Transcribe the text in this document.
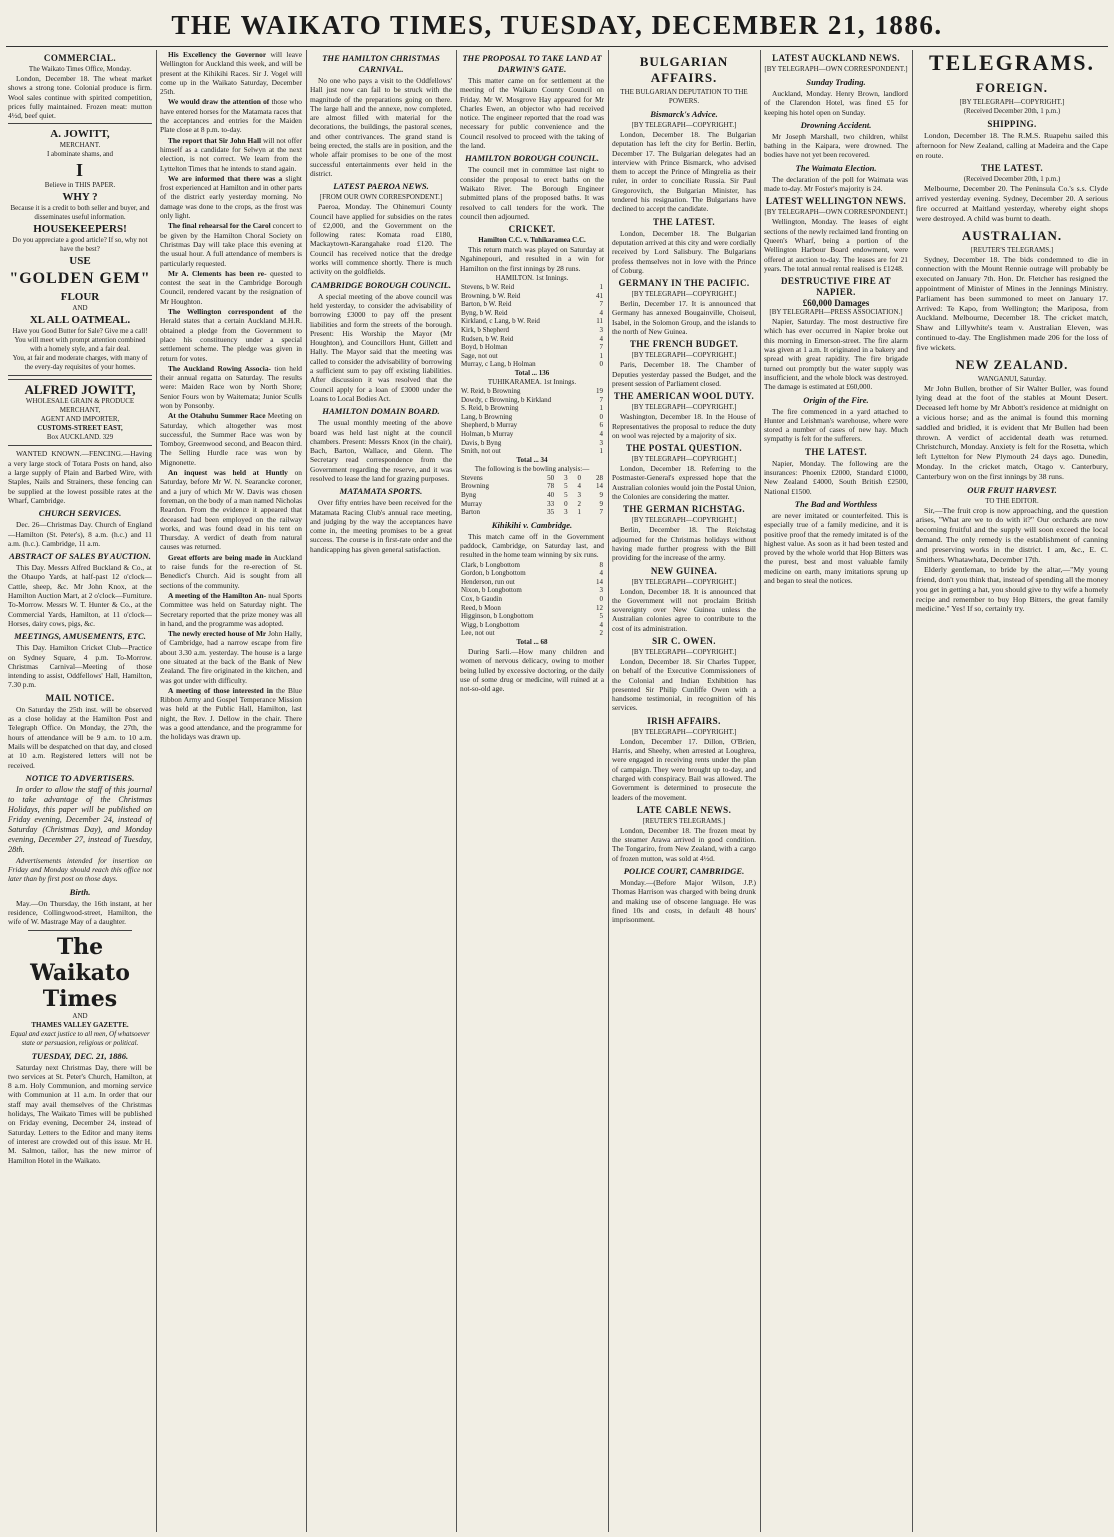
THE WAIKATO TIMES, TUESDAY, DECEMBER 21, 1886.
COMMERCIAL.
The Waikato Times Office, Monday.
London, December 18. The wheat market shows a strong tone. Colonial produce is firm. Wool sales continue with spirited competition, prices fully maintained. Frozen meat: mutton 4½d, beef quiet.
A. JOWITT,
MERCHANT.
I abominate shams, and
I
Believe in THIS PAPER.
WHY ?
Because it is a credit to both seller and buyer, and disseminates useful information.
HOUSEKEEPERS!
Do you appreciate a good article? If so, why not have the best?
USE
"GOLDEN GEM"
FLOUR
AND
XL ALL OATMEAL.
Have you Good Butter for Sale? Give me a call!
You will meet with prompt attention combined with a homely style, and a fair deal.
You, at fair and moderate charges, with many of the every-day requisites of your homes.
ALFRED JOWITT,
WHOLESALE GRAIN & PRODUCE MERCHANT,
AGENT AND IMPORTER,
CUSTOMS-STREET EAST,
Box AUCKLAND. 329
WANTED KNOWN.—FENCING.—Having a very large stock of Totara Posts on hand, also a large supply of Plain and Barbed Wire, with Staples, Nails and Strainers, these fencing can be supplied at the lowest possible rates at the Wharf, Cambridge.
CHURCH SERVICES.
Dec. 26—Christmas Day. Church of England—Hamilton (St. Peter's), 8 a.m. (h.c.) and 11 a.m. (h.c.). Cambridge, 11 a.m.
ABSTRACT OF SALES BY AUCTION.
This Day. Messrs Alfred Buckland & Co., at the Ohaupo Yards, at half-past 12 o'clock—Cattle, sheep, &c. Mr John Knox, at the Hamilton Auction Mart, at 2 o'clock—Furniture. To-Morrow. Messrs W. T. Hunter & Co., at the Commercial Yards, Hamilton, at 11 o'clock—Horses, dairy cows, pigs, &c.
MEETINGS, AMUSEMENTS, ETC.
This Day. Hamilton Cricket Club—Practice on Sydney Square, 4 p.m. To-Morrow. Christmas Carnival—Meeting of those intending to assist, Oddfellows' Hall, Hamilton, 7.30 p.m.
MAIL NOTICE.
On Saturday the 25th inst. will be observed as a close holiday at the Hamilton Post and Telegraph Office. On Monday, the 27th, the hours of attendance will be 9 a.m. to 10 a.m. Mails will be despatched on that day, and closed at 10 a.m. Registered letters will not be received.
NOTICE TO ADVERTISERS.
In order to allow the staff of this journal to take advantage of the Christmas Holidays, this paper will be published on Friday evening, December 24, instead of Saturday (Christmas Day), and Monday evening, December 27, instead of Tuesday, 28th.
Advertisements intended for insertion on Friday and Monday should reach this office not later than by first post on those days.
Birth.
May.—On Thursday, the 16th instant, at her residence, Collingwood-street, Hamilton, the wife of W. Mastrage May of a daughter.
The Waikato Times
AND
THAMES VALLEY GAZETTE.
Equal and exact justice to all men, Of whatsoever state or persuasion, religious or political.
TUESDAY, DEC. 21, 1886.
Saturday next Christmas Day, there will be two services at St. Peter's Church, Hamilton, at 8 a.m. Holy Communion, and morning service with Communion at 11 a.m. In order that our staff may avail themselves of the Christmas holidays, The Waikato Times will be published on Friday evening, December 24, instead of Saturday. Letters to the Editor and many items of interest are crowded out of this issue. Mr H. M. Salmon, tailor, has the new mirror of Hamilton Hotel in the Waikato.
His Excellency the Governor will leave Wellington for Auckland this week, and will be present at the Kihikihi Races. Sir J. Vogel will come up in the Waikato Saturday, December 25th.
We would draw the attention of those who have entered horses for the Matamata races that the acceptances and entries for the Maiden Plate close at 8 p.m. to-day.
The report that Sir John Hall will not offer himself as a candidate for Selwyn at the next election, is not correct. We learn from the Lyttelton Times that he intends to stand again.
We are informed that there was a slight frost experienced at Hamilton and in other parts of the district early yesterday morning. No damage was done to the crops, as the frost was only light.
The final rehearsal for the Carol concert to be given by the Hamilton Choral Society on Christmas Day will take place this evening at the usual hour. A full attendance of members is particularly requested.
Mr A. Clements has been re- quested to contest the seat in the Cambridge Borough Council, rendered vacant by the resignation of Mr Houghton.
The Wellington correspondent of the Herald states that a certain Auckland M.H.R. obtained a pledge from the Government to place his constituency under a special settlement scheme. The pledge was given in return for votes.
The Auckland Rowing Associa- tion held their annual regatta on Saturday. The results were: Maiden Race won by North Shore; Senior Fours won by Waitemata; Junior Sculls won by Ponsonby.
At the Otahuhu Summer Race Meeting on Saturday, which altogether was most successful, the Summer Race was won by Tomboy, Greenwood second, and Beacon third. The Selling Hurdle race was won by Mignonette.
An inquest was held at Huntly on Saturday, before Mr W. N. Searancke coroner, and a jury of which Mr W. Davis was chosen foreman, on the body of a man named Nicholas Reardon. From the evidence it appeared that deceased had been employed on the railway works, and was found dead in his tent on Thursday. A verdict of death from natural causes was returned.
Great efforts are being made in Auckland to raise funds for the re-erection of St. Benedict's Church. Aid is sought from all sections of the community.
A meeting of the Hamilton An- nual Sports Committee was held on Saturday night. The Secretary reported that the prize money was all in hand, and the programme was adopted.
The newly erected house of Mr John Hally, of Cambridge, had a narrow escape from fire about 3.30 a.m. yesterday. The house is a large one situated at the back of the Bank of New Zealand. The fire originated in the kitchen, and was got under with difficulty.
A meeting of those interested in the Blue Ribbon Army and Gospel Temperance Mission was held at the Public Hall, Hamilton, last night, the Rev. J. Dellow in the chair. There was a good attendance, and the programme for the holidays was drawn up.
THE HAMILTON CHRISTMAS CARNIVAL.
No one who pays a visit to the Oddfellows' Hall just now can fail to be struck with the magnitude of the preparations going on there. The large hall and the annexe, now completed, are almost filled with material for the decorations, the buildings, the pastoral scenes, and other contrivances. The grand stand is being erected, the stalls are in position, and the whole affair promises to be one of the most successful entertainments ever held in the district.
LATEST PAEROA NEWS.
[FROM OUR OWN CORRESPONDENT.]
Paeroa, Monday. The Ohinemuri County Council have applied for subsidies on the rates of £2,000, and the Government on the following rates: Komata road £180, Mackaytown-Karangahake road £120. The Council has received notice that the dredge works will commence shortly. There is much activity on the goldfields.
CAMBRIDGE BOROUGH COUNCIL.
A special meeting of the above council was held yesterday, to consider the advisability of borrowing £3000 to pay off the present liabilities and form the streets of the borough. Present: His Worship the Mayor (Mr Houghton), and Councillors Hunt, Gillett and Hally. The Mayor said that the meeting was called to consider the advisability of borrowing a sufficient sum to pay off existing liabilities. After discussion it was resolved that the Council apply for a loan of £3000 under the Loans to Local Bodies Act.
HAMILTON DOMAIN BOARD.
The usual monthly meeting of the above board was held last night at the council chambers. Present: Messrs Knox (in the chair), Bach, Barton, Wallace, and Glenn. The Secretary read correspondence from the Government regarding the reserve, and it was resolved to lease the land for grazing purposes.
MATAMATA SPORTS.
Over fifty entries have been received for the Matamata Racing Club's annual race meeting, and judging by the way the acceptances have come in, the meeting promises to be a great success. The course is in first-rate order and the handicapping has given general satisfaction.
THE PROPOSAL TO TAKE LAND AT DARWIN'S GATE.
This matter came on for settlement at the meeting of the Waikato County Council on Friday. Mr W. Mosgrove Hay appeared for Mr Charles Ewen, an objector who had received notice. The engineer reported that the road was necessary for public convenience and the Council resolved to proceed with the taking of the land.
HAMILTON BOROUGH COUNCIL.
The council met in committee last night to consider the proposal to erect baths on the Waikato River. The Borough Engineer submitted plans of the proposed baths. It was resolved to call tenders for the work. The council then adjourned.
CRICKET.
Hamilton C.C. v. Tuhikaramea C.C.
This return match was played on Saturday at Ngahinepouri, and resulted in a win for Hamilton on the first innings by 28 runs.
HAMILTON. 1st Innings.
Stevens, b W. Reid	1
Browning, b W. Reid	41
Barton, b W. Reid	7
Byng, b W. Reid	4
Kirkland, c Lang, b W. Reid	11
Kirk, b Shepherd	3
Rudsen, b W. Reid	4
Boyd, b Holman	7
Sage, not out	1
Murray, c Lang, b Holman	0
Total ... 136
TUHIKARAMEA. 1st Innings.
W. Reid, b Browning	19
Dowdy, c Browning, b Kirkland	7
S. Reid, b Browning	1
Lang, b Browning	0
Shepherd, b Murray	6
Holman, b Murray	4
Davis, b Byng	3
Smith, not out	1
Total ... 34
The following is the bowling analysis:—
Stevens	50	3	0	28
Browning	78	5	4	14
Byng	40	5	3	9
Murray	33	0	2	9
Barton	35	3	1	7
Kihikihi v. Cambridge.
This match came off in the Government paddock, Cambridge, on Saturday last, and resulted in the home team winning by six runs.
Clark, b Longbottom	8
Gordon, b Longbottom	4
Henderson, run out	14
Nixon, b Longbottom	3
Cox, b Gaudin	0
Reed, b Moon	12
Higginson, b Longbottom	5
Wigg, b Longbottom	4
Lee, not out	2
Total ... 68
During Sarli.—How many children and women of nervous delicacy, owing to mother being lulled by excessive doctoring, or the daily use of some drug or medicine, will ruined at a not-so-old age.
BULGARIAN AFFAIRS.
THE BULGARIAN DEPUTATION TO THE POWERS.
Bismarck's Advice.
[BY TELEGRAPH—COPYRIGHT.]
London, December 18. The Bulgarian deputation has left the city for Berlin. Berlin, December 17. The Bulgarian delegates had an interview with Prince Bismarck, who advised them to accept the Prince of Mingrelia as their ruler, in order to conciliate Russia. Sir Paul Gregorovitch, the Bulgarian Minister, has tendered his resignation. The Bulgarians have declined to accept the candidate.
THE LATEST.
London, December 18. The Bulgarian deputation arrived at this city and were cordially received by Lord Salisbury. The Bulgarians profess themselves not in love with the Prince of Coburg.
GERMANY IN THE PACIFIC.
[BY TELEGRAPH—COPYRIGHT.]
Berlin, December 17. It is announced that Germany has annexed Bougainville, Choiseul, Isabel, in the Solomon Group, and the islands to the north of New Guinea.
THE FRENCH BUDGET.
[BY TELEGRAPH—COPYRIGHT.]
Paris, December 18. The Chamber of Deputies yesterday passed the Budget, and the present session of Parliament closed.
THE AMERICAN WOOL DUTY.
[BY TELEGRAPH—COPYRIGHT.]
Washington, December 18. In the House of Representatives the proposal to reduce the duty on wool was rejected by a majority of six.
THE POSTAL QUESTION.
[BY TELEGRAPH—COPYRIGHT.]
London, December 18. Referring to the Postmaster-General's expressed hope that the Australian colonies would join the Postal Union, the Colonies are considering the matter.
THE GERMAN RICHSTAG.
[BY TELEGRAPH—COPYRIGHT.]
Berlin, December 18. The Reichstag adjourned for the Christmas holidays without having made further progress with the Bill providing for the increase of the army.
NEW GUINEA.
[BY TELEGRAPH—COPYRIGHT.]
London, December 18. It is announced that the Government will not proclaim British sovereignty over New Guinea unless the Australian colonies agree to contribute to the cost of its administration.
SIR C. OWEN.
[BY TELEGRAPH—COPYRIGHT.]
London, December 18. Sir Charles Tupper, on behalf of the Executive Commissioners of the Colonial and Indian Exhibition has presented Sir Philip Cunliffe Owen with a handsome testimonial, in recognition of his services.
IRISH AFFAIRS.
[BY TELEGRAPH—COPYRIGHT.]
London, December 17. Dillon, O'Brien, Harris, and Sheehy, when arrested at Loughrea, were engaged in receiving rents under the plan of campaign. They were brought up to-day, and charged with conspiracy. Bail was allowed. The Government is determined to prosecute the leaders of the movement.
LATE CABLE NEWS.
[REUTER'S TELEGRAMS.]
London, December 18. The frozen meat by the steamer Arawa arrived in good condition. The Tongariro, from New Zealand, with a cargo of frozen mutton, was sold at 4½d.
POLICE COURT, CAMBRIDGE.
Monday.—(Before Major Wilson, J.P.) Thomas Harrison was charged with being drunk and making use of obscene language. He was fined 10s and costs, in default 48 hours' imprisonment.
LATEST AUCKLAND NEWS.
[BY TELEGRAPH—OWN CORRESPONDENT.]
Sunday Trading.
Auckland, Monday. Henry Brown, landlord of the Clarendon Hotel, was fined £5 for keeping his hotel open on Sunday.
Drowning Accident.
Mr Joseph Marshall, two children, whilst bathing in the Kaipara, were drowned. The bodies have not yet been recovered.
The Waimata Election.
The declaration of the poll for Waimata was made to-day. Mr Foster's majority is 24.
LATEST WELLINGTON NEWS.
[BY TELEGRAPH—OWN CORRESPONDENT.]
Wellington, Monday. The leases of eight sections of the newly reclaimed land fronting on Queen's Wharf, being a portion of the Wellington Harbour Board endowment, were offered at auction to-day. The leases are for 21 years. The total annual rental realised is £1248.
DESTRUCTIVE FIRE AT NAPIER.
£60,000 Damages
[BY TELEGRAPH—PRESS ASSOCIATION.]
Napier, Saturday. The most destructive fire which has ever occurred in Napier broke out this morning in Emerson-street. The fire alarm was given at 1 a.m. It originated in a bakery and spread with great rapidity. The fire brigade turned out promptly but the water supply was insufficient, and the whole block was destroyed. The damage is estimated at £60,000.
Origin of the Fire.
The fire commenced in a yard attached to Hunter and Leishman's warehouse, where were stored a number of cases of new hay. Much sympathy is felt for the sufferers.
THE LATEST.
Napier, Monday. The following are the insurances: Phoenix £2000, Standard £1000, New Zealand £4000, South British £2500, National £1500.
The Bad and Worthless
are never imitated or counterfeited. This is especially true of a family medicine, and it is positive proof that the remedy imitated is of the highest value. As soon as it had been tested and proved by the whole world that Hop Bitters was the purest, best and most valuable family medicine on earth, many imitations sprung up and began to steal the notices.
TELEGRAMS.
FOREIGN.
[BY TELEGRAPH—COPYRIGHT.]
(Received December 20th, 1 p.m.)
SHIPPING.
London, December 18. The R.M.S. Ruapehu sailed this afternoon for New Zealand, calling at Madeira and the Cape en route.
THE LATEST.
(Received December 20th, 1 p.m.)
Melbourne, December 20. The Peninsula Co.'s s.s. Clyde arrived yesterday evening. Sydney, December 20. A serious fire occurred at Maitland yesterday, whereby eight shops were destroyed. A child was burnt to death.
AUSTRALIAN.
[REUTER'S TELEGRAMS.]
Sydney, December 18. The bids condemned to die in connection with the Mount Rennie outrage will probably be executed on January 7th. Hon. Dr. Fletcher has resigned the appointment of Minister of Mines in the Jennings Ministry. Parliament has been summoned to meet on January 17. Arrived: Te Kapo, from Wellington; the Mariposa, from Auckland. Melbourne, December 18. The cricket match, Shaw and Lillywhite's team v. Australian Eleven, was continued to-day. The Englishmen made 206 for the loss of five wickets.
NEW ZEALAND.
WANGANUI, Saturday.
Mr John Bullen, brother of Sir Walter Buller, was found lying dead at the foot of the stables at Mount Desert. Deceased left home by Mr Abbott's residence at midnight on a vicious horse; and as the animal is found this morning saddled and bridled, it is evident that Mr Bullen had been thrown. A verdict of accidental death was returned. Christchurch, Monday. Anxiety is felt for the Rosetta, which left Lyttelton for New Plymouth 24 days ago. Dunedin, Monday. In the cricket match, Otago v. Canterbury, Canterbury won on the first innings by 38 runs.
OUR FRUIT HARVEST.
TO THE EDITOR.
Sir,—The fruit crop is now approaching, and the question arises, "What are we to do with it?" Our orchards are now becoming fruitful and the supply will soon exceed the local demand. The only remedy is the establishment of canning and preserving works in the district. I am, &c., E. C. Smithers. Whatawhata, December 17th.
Elderly gentleman, to bride by the altar,—"My young friend, don't you think that, instead of spending all the money you get in getting a hat, you should give to thy wife a homely recipe and remember to buy Hop Bitters, the great family medicine." Yes! If so, certainly try.
